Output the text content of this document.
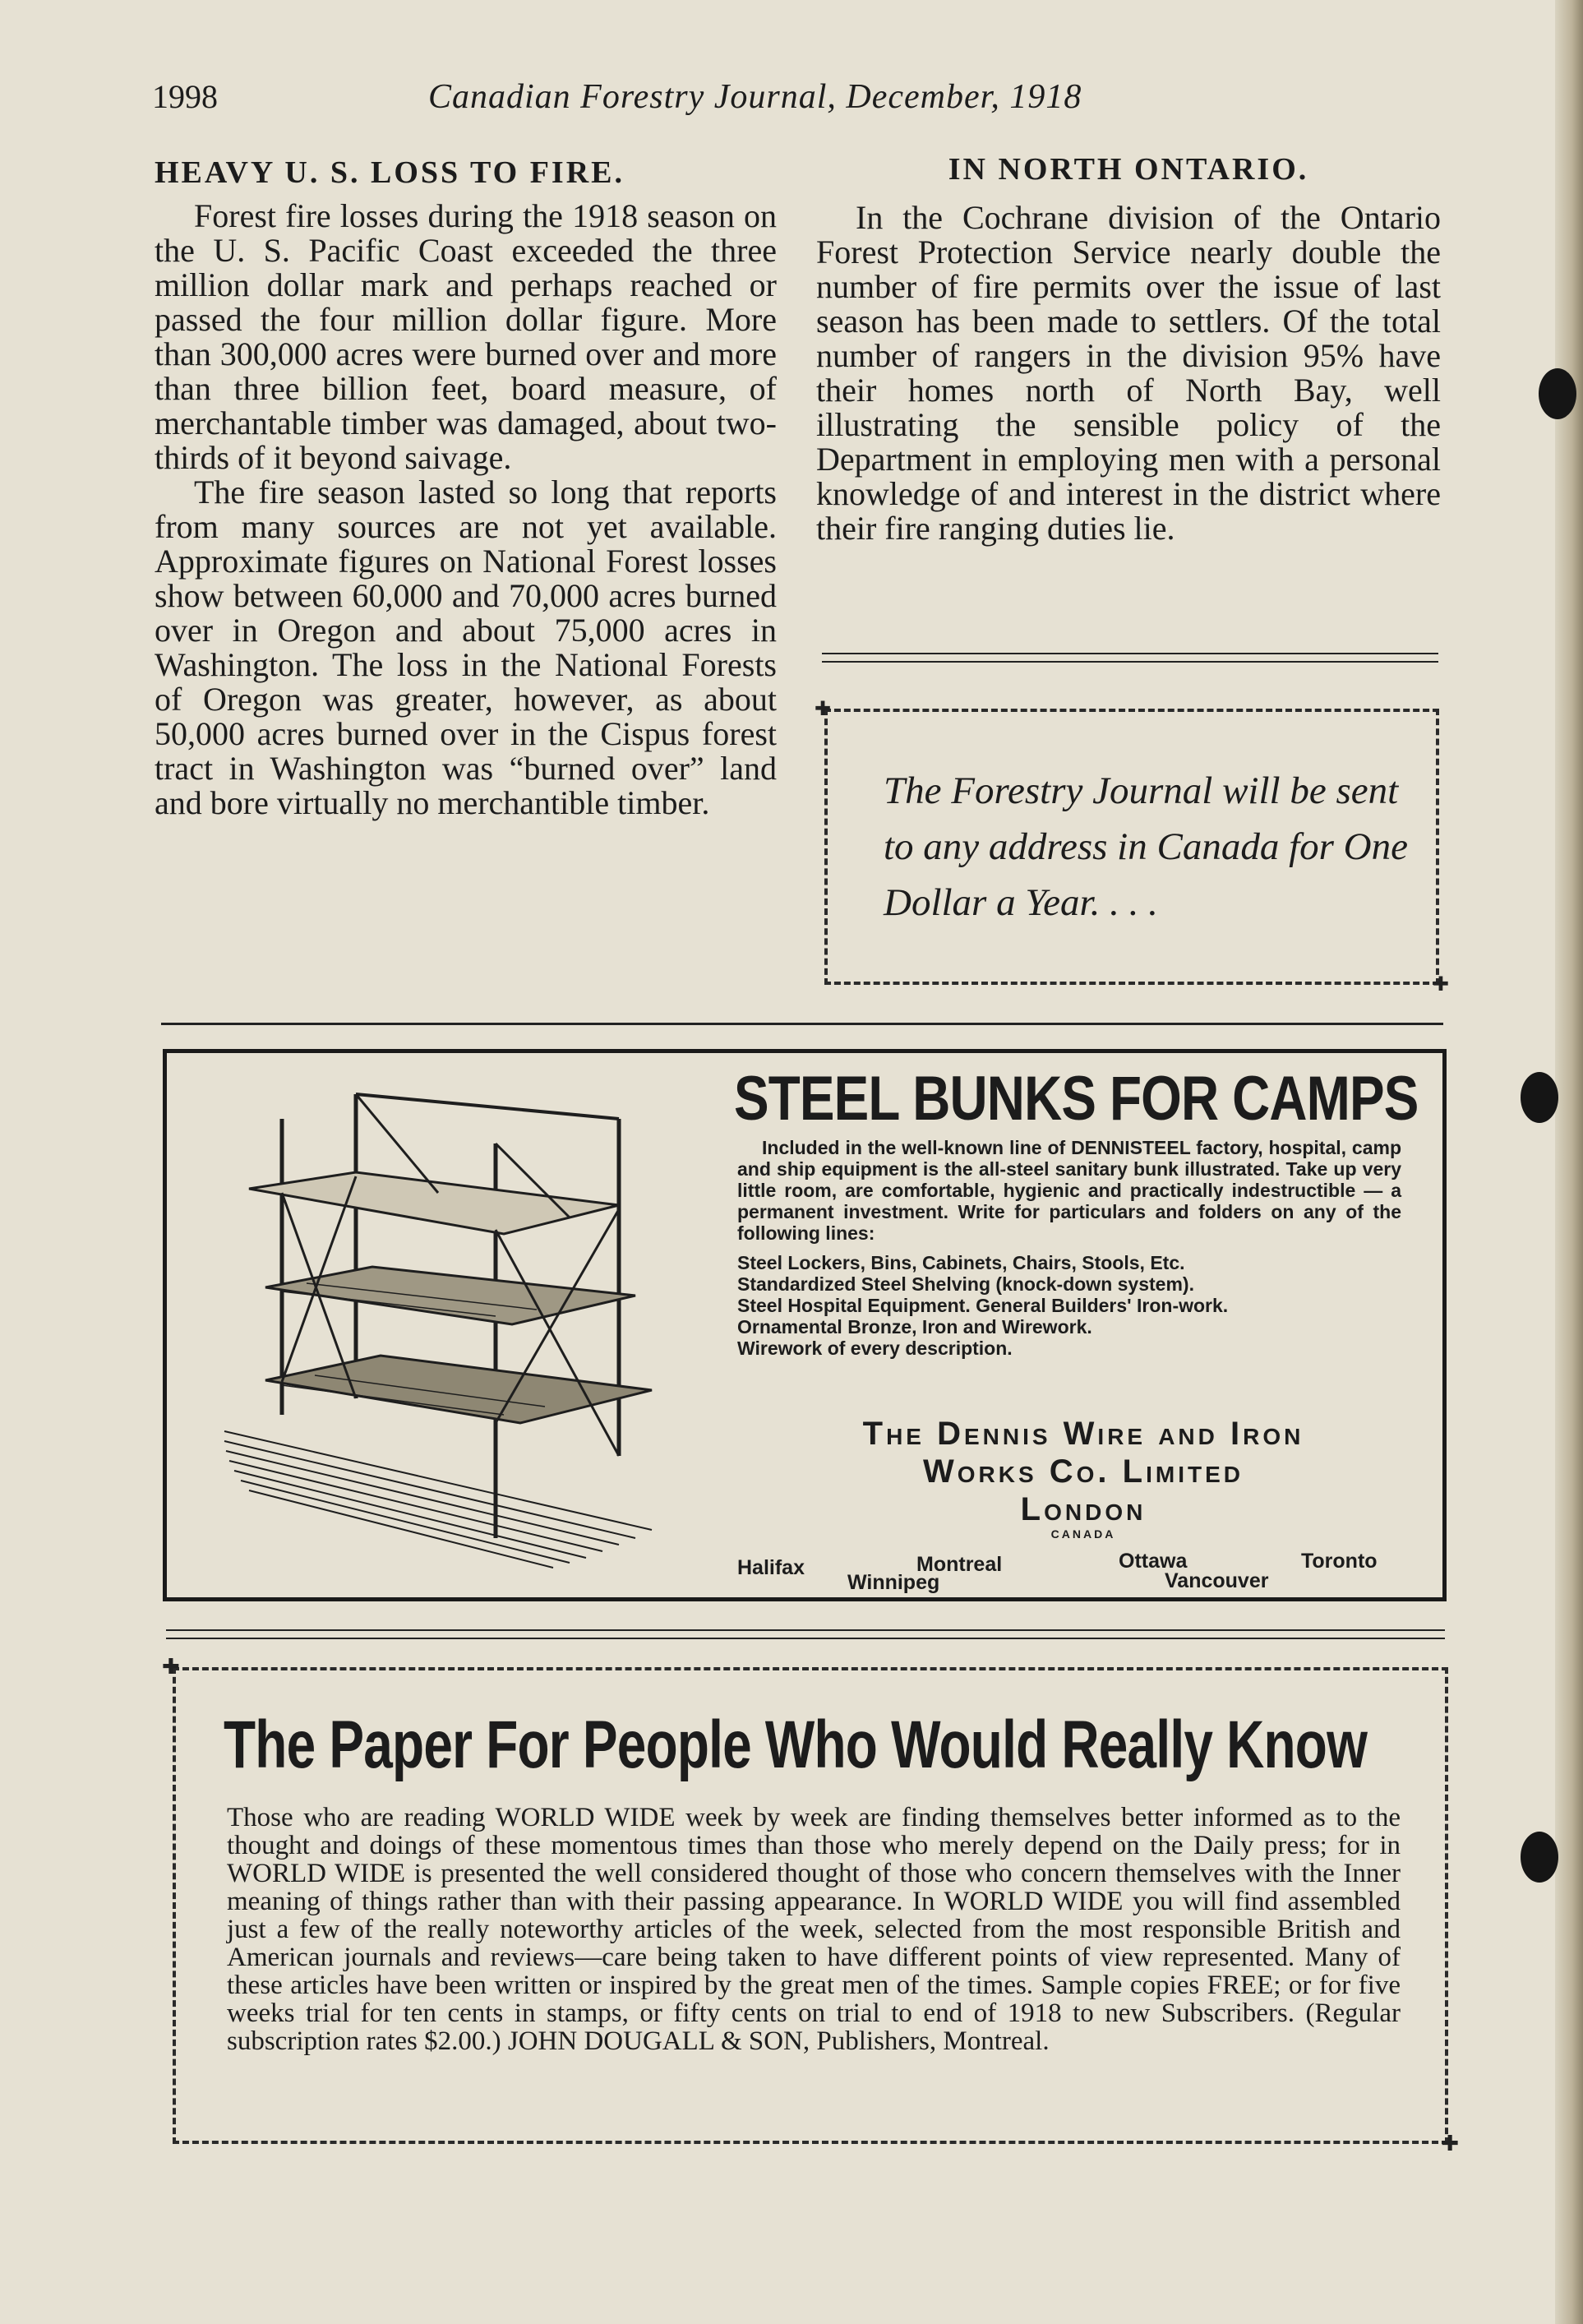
1998	Canadian Forestry Journal, December, 1918
HEAVY U. S. LOSS TO FIRE.

Forest fire losses during the 1918 season on the U. S. Pacific Coast exceeded the three million dollar mark and perhaps reached or passed the four million dollar figure. More than 300,000 acres were burned over and more than three billion feet, board measure, of merchantable timber was damaged, about two-thirds of it beyond saivage.

The fire season lasted so long that reports from many sources are not yet available. Approximate figures on National Forest losses show between 60,000 and 70,000 acres burned over in Oregon and about 75,000 acres in Washington. The loss in the National Forests of Oregon was greater, however, as about 50,000 acres burned over in the Cispus forest tract in Washington was “burned over” land and bore virtually no merchantible timber.

IN NORTH ONTARIO.

In the Cochrane division of the Ontario Forest Protection Service nearly double the number of fire permits over the issue of last season has been made to settlers. Of the total number of rangers in the division 95% have their homes north of North Bay, well illustrating the sensible policy of the Department in employing men with a personal knowledge of and interest in the district where their fire ranging duties lie.

✚ The Forestry Journal will be sent to any address in Canada for One Dollar a Year. . . .
✚
STEEL BUNKS FOR CAMPS

Included in the well-known line of DENNISTEEL factory, hospital, camp and ship equipment is the all-steel sanitary bunk illustrated. Take up very little room, are comfortable, hygienic and practically indestructible — a permanent investment. Write for particulars and folders on any of the following lines:

Steel Lockers, Bins, Cabinets, Chairs, Stools, Etc.
Standardized Steel Shelving (knock-down system).
Steel Hospital Equipment. General Builders' Iron-work.
Ornamental Bronze, Iron and Wirework.
Wirework of every description.
The Dennis Wire and Iron
Works Co. Limited
London
CANADA
Halifax	Montreal	Ottawa	Toronto
Winnipeg	Vancouver
✚ The Paper For People Who Would Really Know

Those who are reading WORLD WIDE week by week are finding themselves better informed as to the thought and doings of these momentous times than those who merely depend on the Daily press; for in WORLD WIDE is presented the well considered thought of those who concern themselves with the Inner meaning of things rather than with their passing appearance. In WORLD WIDE you will find assembled just a few of the really noteworthy articles of the week, selected from the most responsible British and American journals and reviews—care being taken to have different points of view represented. Many of these articles have been written or inspired by the great men of the times. Sample copies FREE; or for five weeks trial for ten cents in stamps, or fifty cents on trial to end of 1918 to new Subscribers. (Regular subscription rates $2.00.) JOHN DOUGALL & SON, Publishers, Montreal.

✚
